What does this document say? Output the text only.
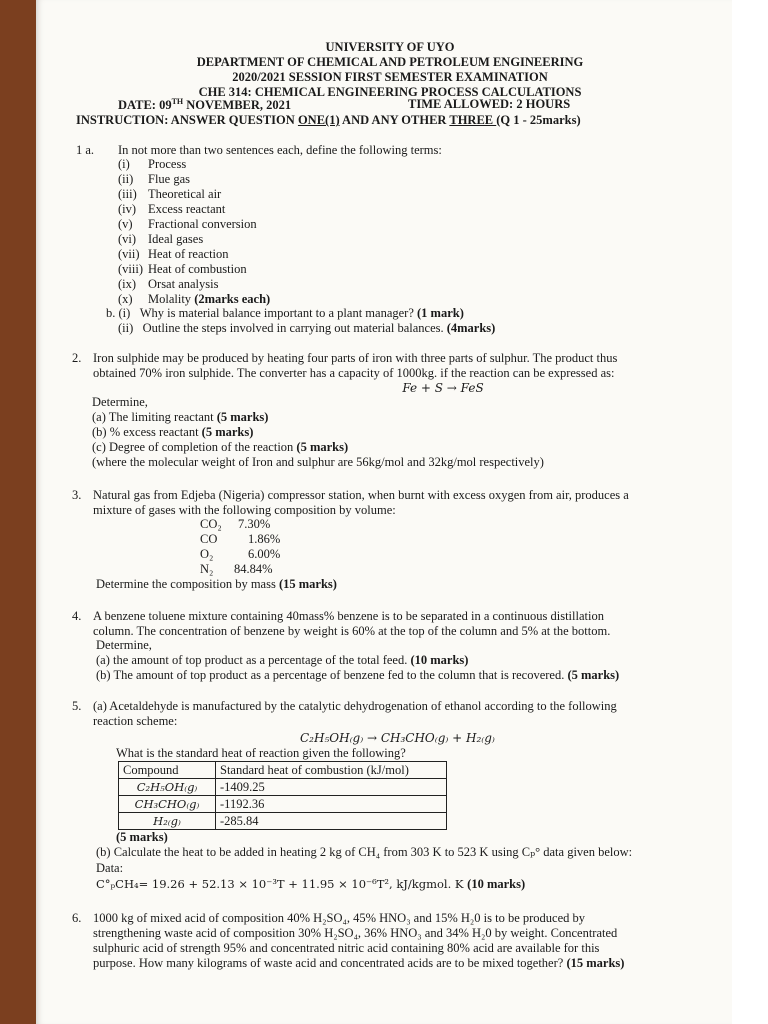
UNIVERSITY OF UYO
DEPARTMENT OF CHEMICAL AND PETROLEUM ENGINEERING
2020/2021 SESSION FIRST SEMESTER EXAMINATION
CHE 314: CHEMICAL ENGINEERING PROCESS CALCULATIONS
DATE: 09TH NOVEMBER, 2021	TIME ALLOWED: 2 HOURS
INSTRUCTION: ANSWER QUESTION ONE(1) AND ANY OTHER THREE (Q 1 - 25marks)
1 a. In not more than two sentences each, define the following terms:
(i)	Process
(ii)	Flue gas
(iii) Theoretical air
(iv) Excess reactant
(v)	Fractional conversion
(vi) Ideal gases
(vii) Heat of reaction
(viii) Heat of combustion
(ix) Orsat analysis
(x)	Molality (2marks each)
b. (i) Why is material balance important to a plant manager? (1 mark)
(ii) Outline the steps involved in carrying out material balances. (4marks)
2. Iron sulphide may be produced by heating four parts of iron with three parts of sulphur. The product thus
obtained 70% iron sulphide. The converter has a capacity of 1000kg. if the reaction can be expressed as:
Fe + S → FeS
Determine,
(a) The limiting reactant (5 marks)
(b) % excess reactant (5 marks)
(c) Degree of completion of the reaction (5 marks)
(where the molecular weight of Iron and sulphur are 56kg/mol and 32kg/mol respectively)
3. Natural gas from Edjeba (Nigeria) compressor station, when burnt with excess oxygen from air, produces a
mixture of gases with the following composition by volume:
CO₂ 7.30%
CO 1.86%
O₂	6.00%
N₂ 84.84%
Determine the composition by mass (15 marks)
4. A benzene toluene mixture containing 40mass% benzene is to be separated in a continuous distillation
column. The concentration of benzene by weight is 60% at the top of the column and 5% at the bottom.
Determine,
(a) the amount of top product as a percentage of the total feed. (10 marks)
(b) The amount of top product as a percentage of benzene fed to the column that is recovered. (5 marks)
5. (a) Acetaldehyde is manufactured by the catalytic dehydrogenation of ethanol according to the following
reaction scheme:
C₂H₅OH₍g₎ → CH₃CHO₍g₎ + H₂₍g₎
What is the standard heat of reaction given the following?
Compound	Standard heat of combustion (kJ/mol)
C₂H₅OH₍g₎	-1409.25
CH₃CHO₍g₎	-1192.36
H₂₍g₎	-285.84
(5 marks)
(b) Calculate the heat to be added in heating 2 kg of CH₄ from 303 K to 523 K using Cₚ° data given below:
Data:
C°ₚCH₄= 19.26 + 52.13 × 10⁻³T + 11.95 × 10⁻⁶T², kJ/kgmol. K (10 marks)
6. 1000 kg of mixed acid of composition 40% H₂SO₄, 45% HNO₃ and 15% H₂0 is to be produced by
strengthening waste acid of composition 30% H₂SO₄, 36% HNO₃ and 34% H₂0 by weight. Concentrated
sulphuric acid of strength 95% and concentrated nitric acid containing 80% acid are available for this
purpose. How many kilograms of waste acid and concentrated acids are to be mixed together? (15 marks)
